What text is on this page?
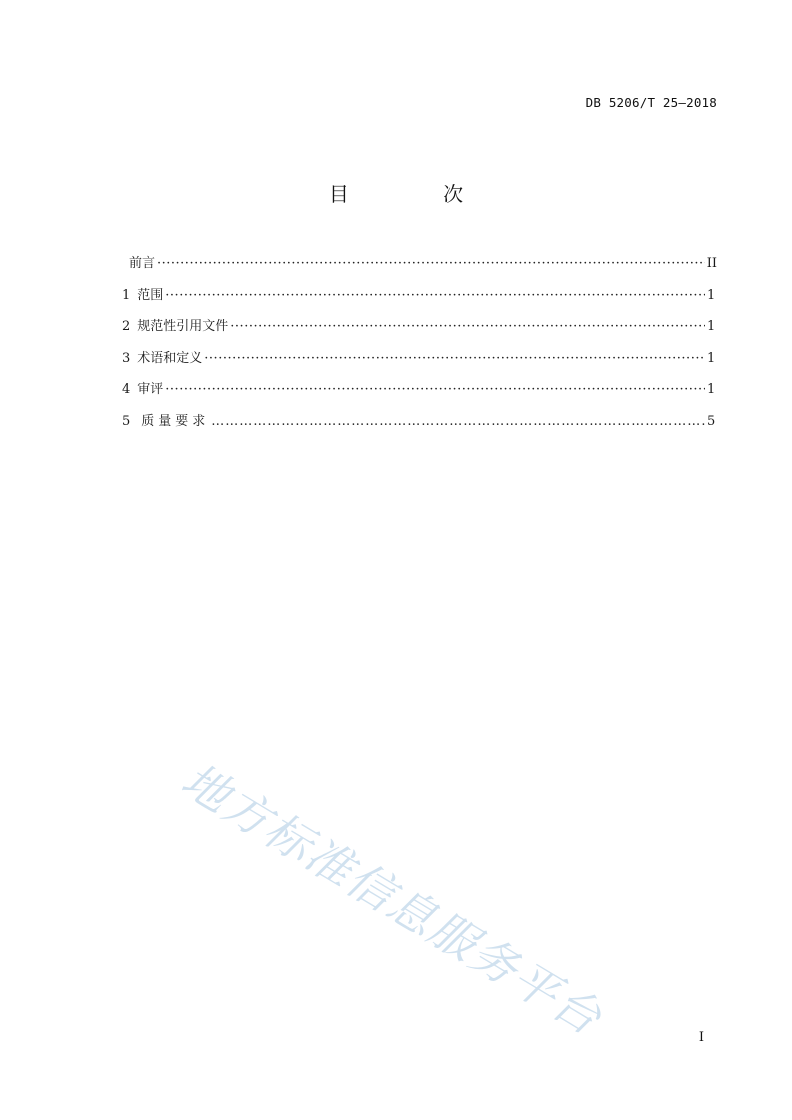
DB 5206/T 25—2018
目 次
前言 ·····	II
1 范围 ·····	1
2 规范性引用文件 ·····	1
3 术语和定义 ·····	1
4 审评 ·····	1
5 质量要求 ……………………………………………………………………………………………………………………………………………	5
地方标准信息服务平台	I
